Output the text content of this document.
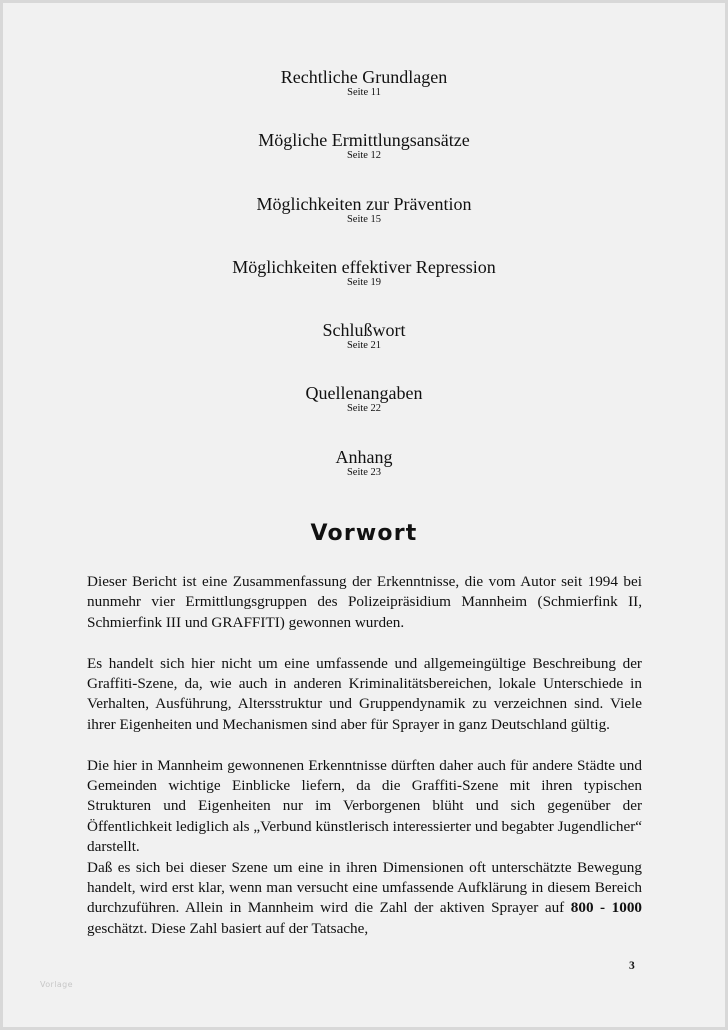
Rechtliche Grundlagen

Seite 11

Mögliche Ermittlungsansätze

Seite 12

Möglichkeiten zur Prävention

Seite 15

Möglichkeiten effektiver Repression

Seite 19

Schlußwort

Seite 21

Quellenangaben

Seite 22

Anhang

Seite 23

Vorwort

Dieser Bericht ist eine Zusammenfassung der Erkenntnisse, die vom Autor seit 1994 bei nunmehr vier Ermittlungsgruppen des Polizeipräsidium Mannheim (Schmierfink II, Schmierfink III und GRAFFITI) gewonnen wurden.

Es handelt sich hier nicht um eine umfassende und allgemeingültige Beschreibung der Graffiti-Szene, da, wie auch in anderen Kriminalitätsbereichen, lokale Unterschiede in Verhalten, Ausführung, Altersstruktur und Gruppendynamik zu verzeichnen sind. Viele ihrer Eigenheiten und Mechanismen sind aber für Sprayer in ganz Deutschland gültig.

Die hier in Mannheim gewonnenen Erkenntnisse dürften daher auch für andere Städte und Gemeinden wichtige Einblicke liefern, da die Graffiti-Szene mit ihren typischen Strukturen und Eigenheiten nur im Verborgenen blüht und sich gegenüber der Öffentlichkeit lediglich als „Verbund künstlerisch interessierter und begabter Jugendlicher“ darstellt.

Daß es sich bei dieser Szene um eine in ihren Dimensionen oft unterschätzte Bewegung handelt, wird erst klar, wenn man versucht eine umfassende Aufklärung in diesem Bereich durchzuführen. Allein in Mannheim wird die Zahl der aktiven Sprayer auf 800 - 1000 geschätzt. Diese Zahl basiert auf der Tatsache,

3
Vorlage
